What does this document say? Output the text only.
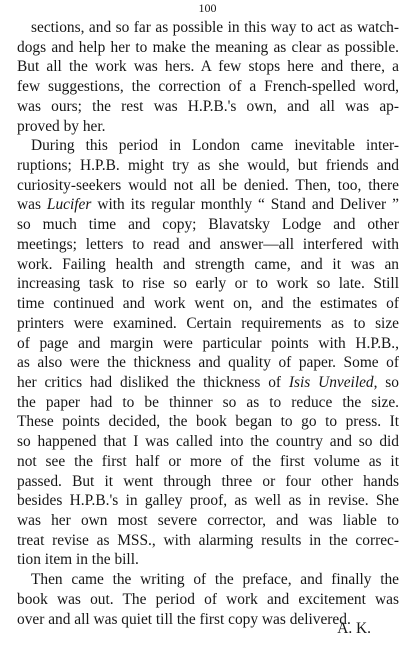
100
sections, and so far as possible in this way to act as watch-
dogs and help her to make the meaning as clear as possible.
But all the work was hers. A few stops here and there, a
few suggestions, the correction of a French-spelled word,
was ours; the rest was H.P.B.'s own, and all was ap-
proved by her.
During this period in London came inevitable inter-
ruptions; H.P.B. might try as she would, but friends and
curiosity-seekers would not all be denied. Then, too, there
was Lucifer with its regular monthly “ Stand and Deliver ”
so much time and copy; Blavatsky Lodge and other
meetings; letters to read and answer—all interfered with
work. Failing health and strength came, and it was an
increasing task to rise so early or to work so late. Still
time continued and work went on, and the estimates of
printers were examined. Certain requirements as to size
of page and margin were particular points with H.P.B.,
as also were the thickness and quality of paper. Some of
her critics had disliked the thickness of Isis Unveiled, so
the paper had to be thinner so as to reduce the size.
These points decided, the book began to go to press. It
so happened that I was called into the country and so did
not see the first half or more of the first volume as it
passed. But it went through three or four other hands
besides H.P.B.'s in galley proof, as well as in revise. She
was her own most severe corrector, and was liable to
treat revise as MSS., with alarming results in the correc-
tion item in the bill.
Then came the writing of the preface, and finally the
book was out. The period of work and excitement was
over and all was quiet till the first copy was delivered.
A. K.
